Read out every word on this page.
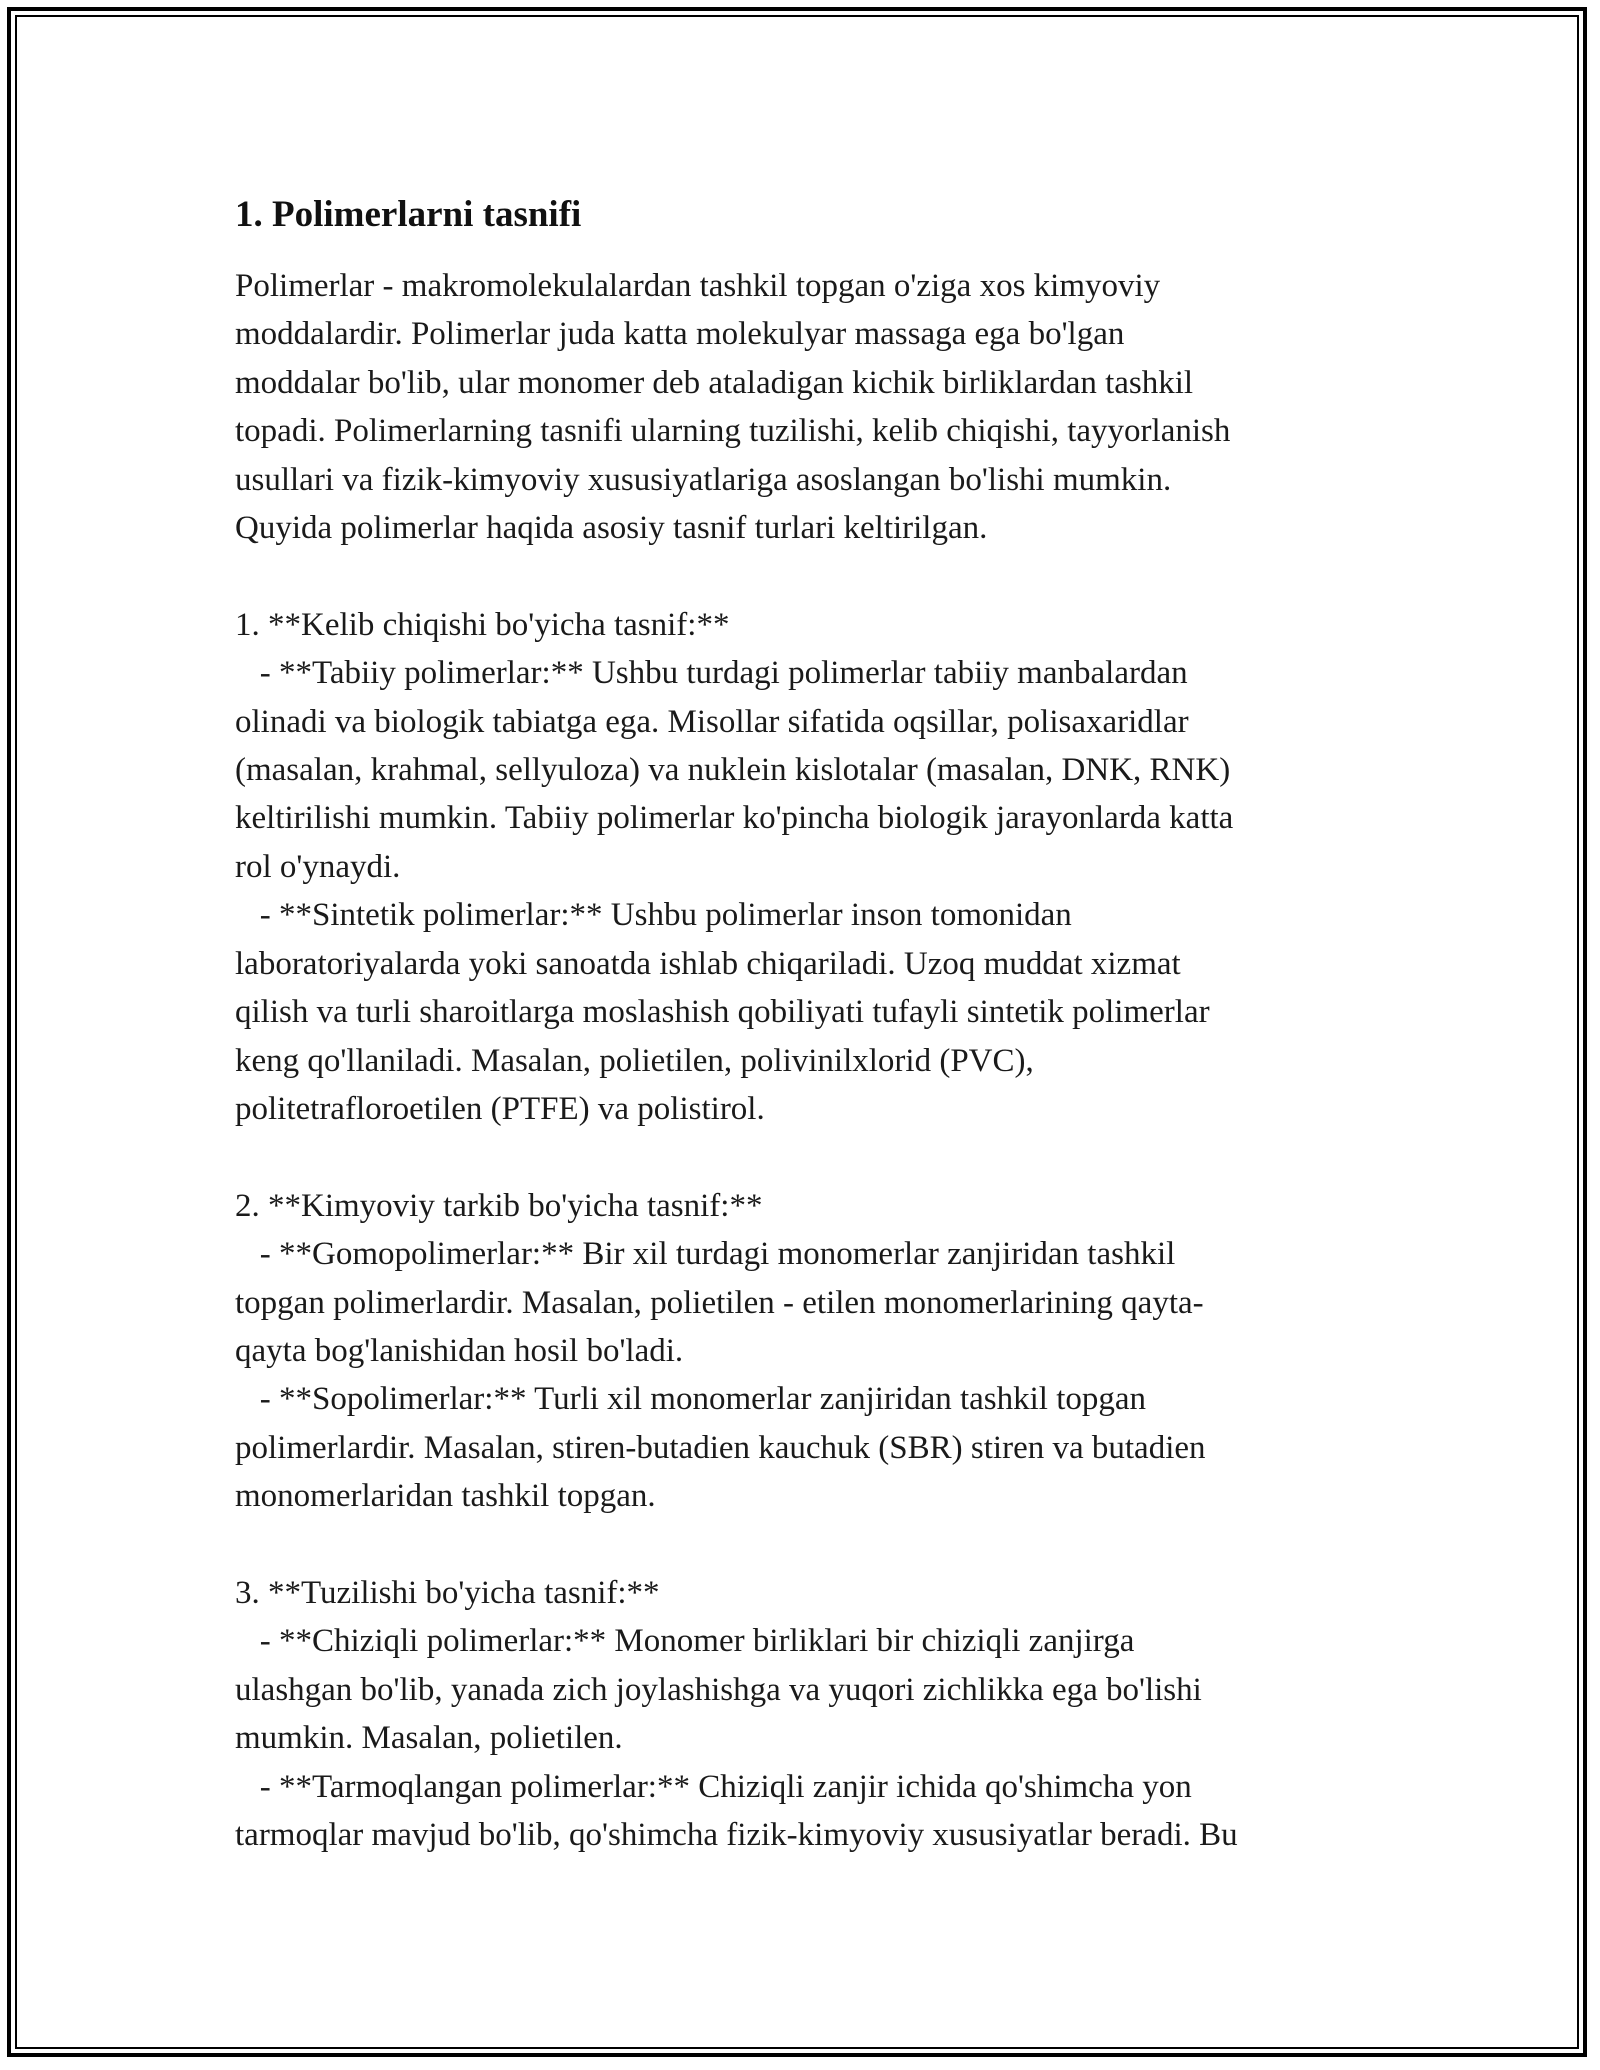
1. Polimerlarni tasnifi

Polimerlar - makromolekulalardan tashkil topgan o'ziga xos kimyoviy
moddalardir. Polimerlar juda katta molekulyar massaga ega bo'lgan
moddalar bo'lib, ular monomer deb ataladigan kichik birliklardan tashkil
topadi. Polimerlarning tasnifi ularning tuzilishi, kelib chiqishi, tayyorlanish
usullari va fizik-kimyoviy xususiyatlariga asoslangan bo'lishi mumkin.
Quyida polimerlar haqida asosiy tasnif turlari keltirilgan.

1. **Kelib chiqishi bo'yicha tasnif:**
- **Tabiiy polimerlar:** Ushbu turdagi polimerlar tabiiy manbalardan
olinadi va biologik tabiatga ega. Misollar sifatida oqsillar, polisaxaridlar
(masalan, krahmal, sellyuloza) va nuklein kislotalar (masalan, DNK, RNK)
keltirilishi mumkin. Tabiiy polimerlar ko'pincha biologik jarayonlarda katta
rol o'ynaydi.
- **Sintetik polimerlar:** Ushbu polimerlar inson tomonidan
laboratoriyalarda yoki sanoatda ishlab chiqariladi. Uzoq muddat xizmat
qilish va turli sharoitlarga moslashish qobiliyati tufayli sintetik polimerlar
keng qo'llaniladi. Masalan, polietilen, polivinilxlorid (PVC),
politetrafloroetilen (PTFE) va polistirol.

2. **Kimyoviy tarkib bo'yicha tasnif:**
- **Gomopolimerlar:** Bir xil turdagi monomerlar zanjiridan tashkil
topgan polimerlardir. Masalan, polietilen - etilen monomerlarining qayta-
qayta bog'lanishidan hosil bo'ladi.
- **Sopolimerlar:** Turli xil monomerlar zanjiridan tashkil topgan
polimerlardir. Masalan, stiren-butadien kauchuk (SBR) stiren va butadien
monomerlaridan tashkil topgan.

3. **Tuzilishi bo'yicha tasnif:**
- **Chiziqli polimerlar:** Monomer birliklari bir chiziqli zanjirga
ulashgan bo'lib, yanada zich joylashishga va yuqori zichlikka ega bo'lishi
mumkin. Masalan, polietilen.
- **Tarmoqlangan polimerlar:** Chiziqli zanjir ichida qo'shimcha yon
tarmoqlar mavjud bo'lib, qo'shimcha fizik-kimyoviy xususiyatlar beradi. Bu
